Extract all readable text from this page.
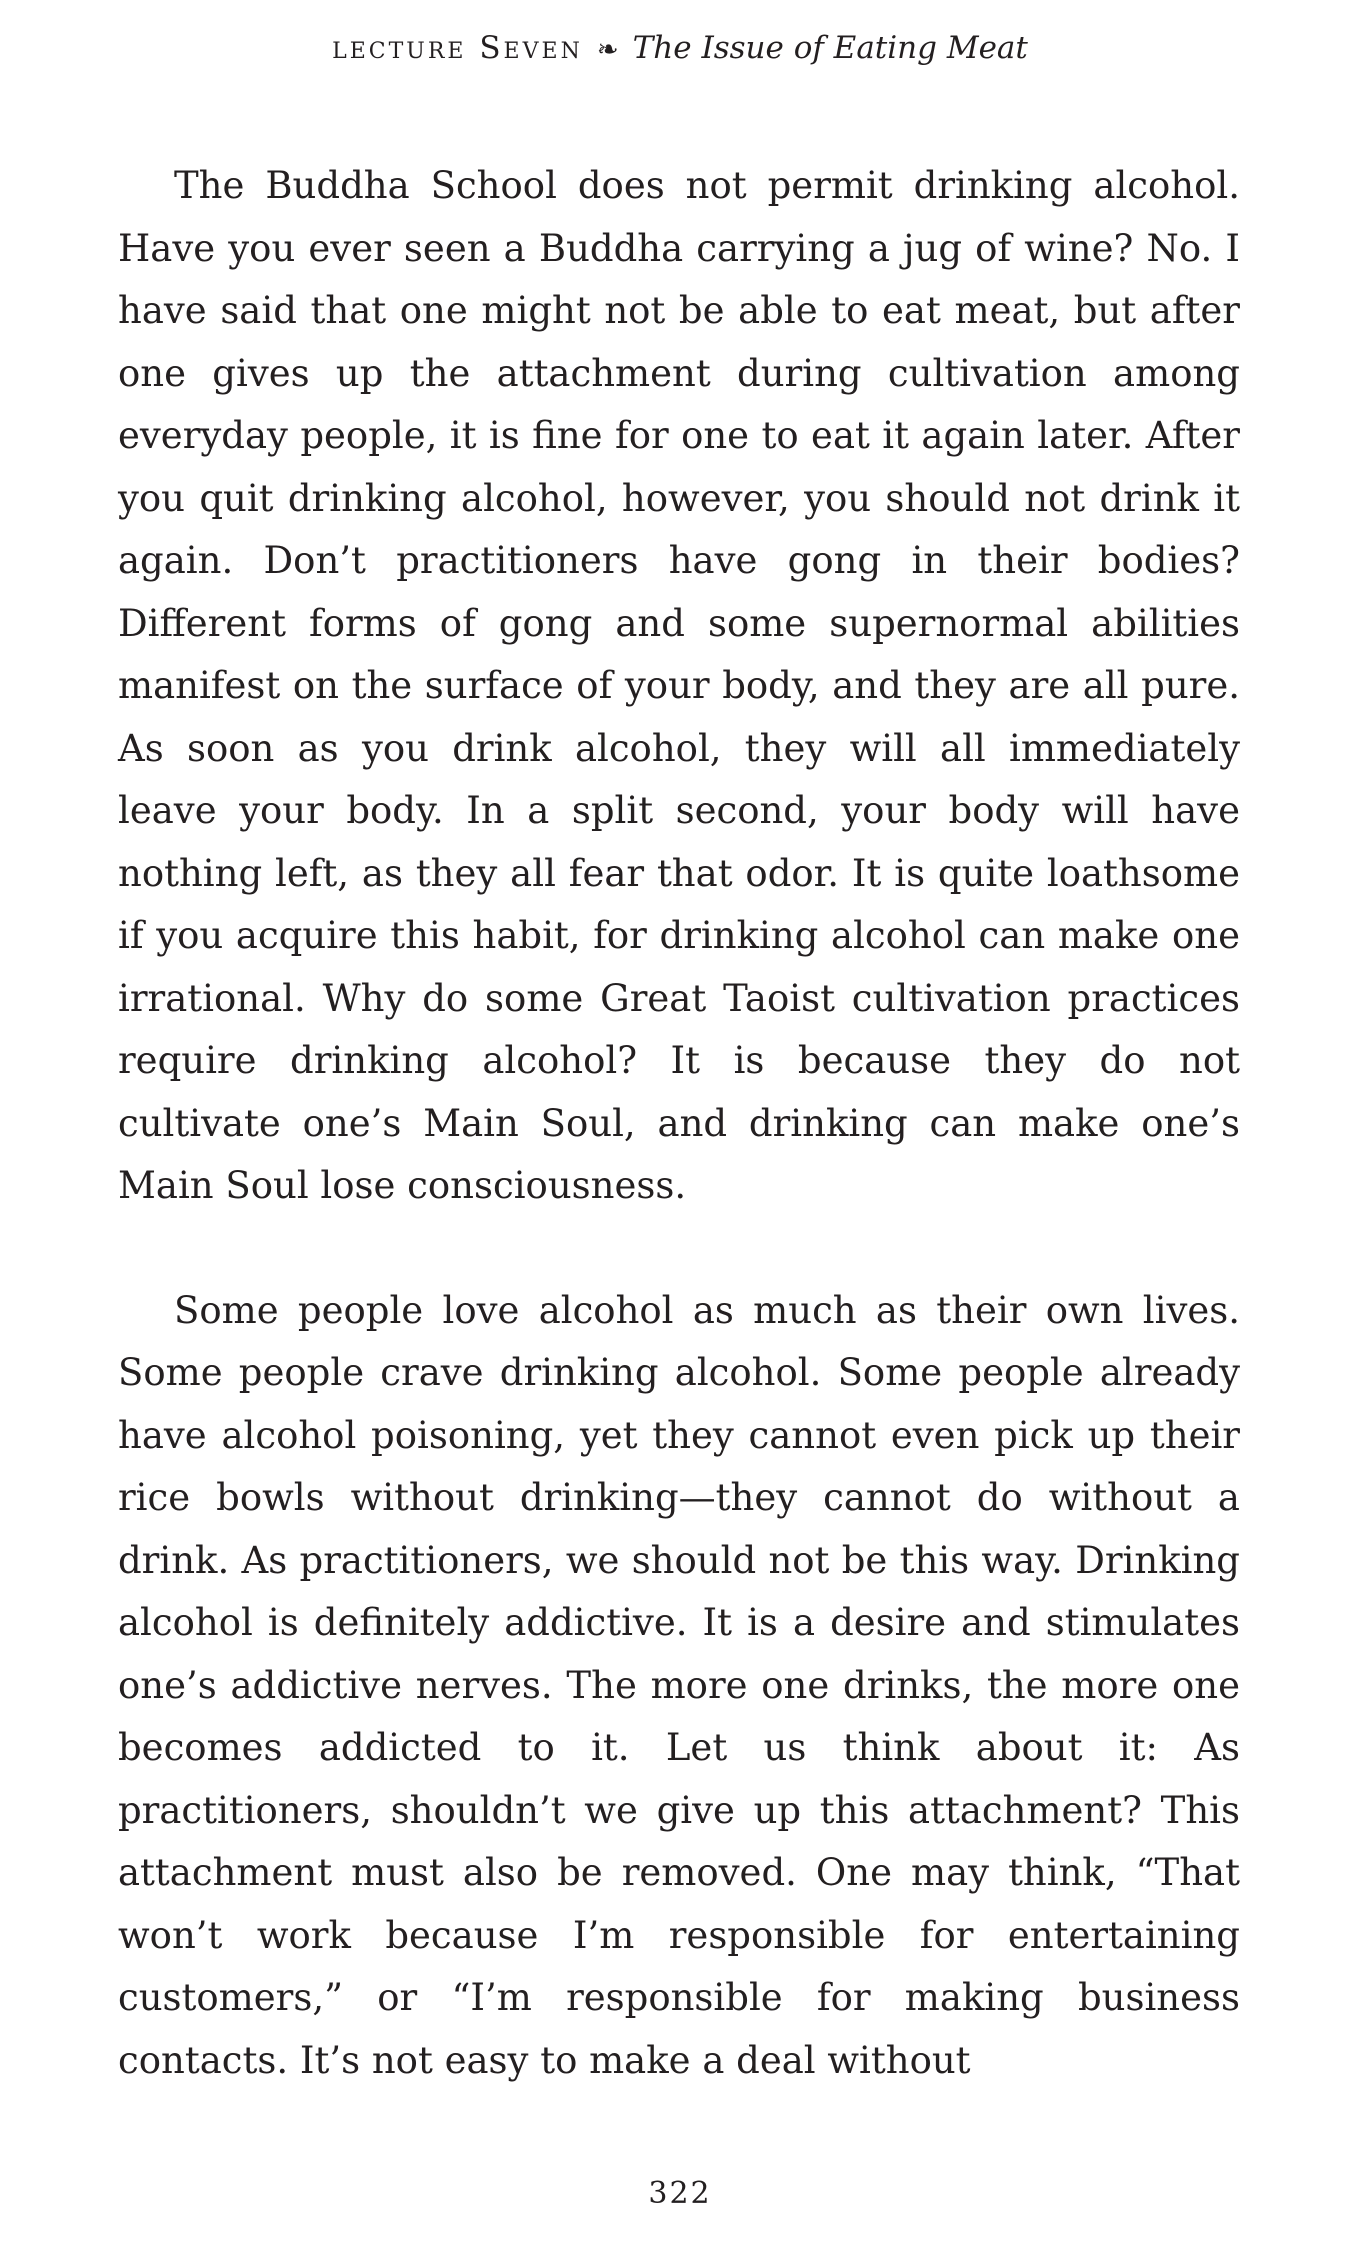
lecture Seven ❧ The Issue of Eating Meat

The Buddha School does not permit drinking alcohol. Have you ever seen a Buddha carrying a jug of wine? No. I have said that one might not be able to eat meat, but after one gives up the attachment during cultivation among everyday people, it is fine for one to eat it again later. After you quit drinking alcohol, however, you should not drink it again. Don’t practitioners have gong in their bodies? Different forms of gong and some supernormal abilities manifest on the surface of your body, and they are all pure. As soon as you drink alcohol, they will all immediately leave your body. In a split second, your body will have nothing left, as they all fear that odor. It is quite loathsome if you acquire this habit, for drinking alcohol can make one irrational. Why do some Great Taoist cultivation practices require drinking alcohol? It is because they do not cultivate one’s Main Soul, and drinking can make one’s Main Soul lose consciousness.

Some people love alcohol as much as their own lives. Some people crave drinking alcohol. Some people already have alcohol poisoning, yet they cannot even pick up their rice bowls without drinking—they cannot do without a drink. As practitioners, we should not be this way. Drinking alcohol is definitely addictive. It is a desire and stimulates one’s addictive nerves. The more one drinks, the more one becomes addicted to it. Let us think about it: As practitioners, shouldn’t we give up this attachment? This attachment must also be removed. One may think, “That won’t work because I’m responsible for entertaining customers,” or “I’m responsible for making business contacts. It’s not easy to make a deal without

322
